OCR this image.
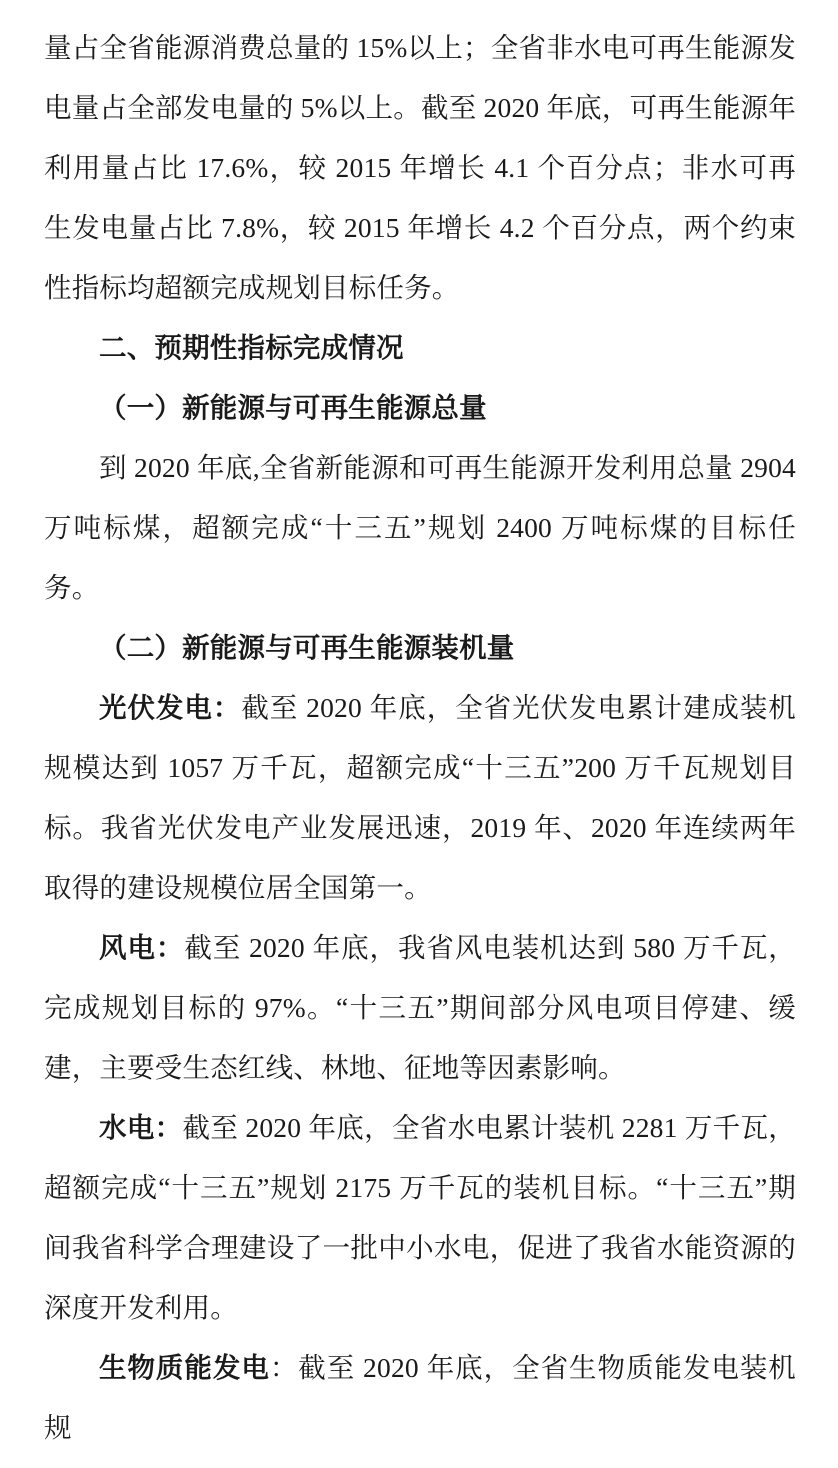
量占全省能源消费总量的 15%以上；全省非水电可再生能源发电量占全部发电量的 5%以上。截至 2020 年底，可再生能源年利用量占比 17.6%，较 2015 年增长 4.1 个百分点；非水可再生发电量占比 7.8%，较 2015 年增长 4.2 个百分点，两个约束性指标均超额完成规划目标任务。

二、预期性指标完成情况

（一）新能源与可再生能源总量

到 2020 年底,全省新能源和可再生能源开发利用总量 2904 万吨标煤，超额完成“十三五”规划 2400 万吨标煤的目标任务。

（二）新能源与可再生能源装机量

光伏发电：截至 2020 年底，全省光伏发电累计建成装机规模达到 1057 万千瓦，超额完成“十三五”200 万千瓦规划目标。我省光伏发电产业发展迅速，2019 年、2020 年连续两年取得的建设规模位居全国第一。

风电：截至 2020 年底，我省风电装机达到 580 万千瓦，完成规划目标的 97%。“十三五”期间部分风电项目停建、缓建，主要受生态红线、林地、征地等因素影响。

水电：截至 2020 年底，全省水电累计装机 2281 万千瓦，超额完成“十三五”规划 2175 万千瓦的装机目标。“十三五”期间我省科学合理建设了一批中小水电，促进了我省水能资源的深度开发利用。

生物质能发电：截至 2020 年底，全省生物质能发电装机规
